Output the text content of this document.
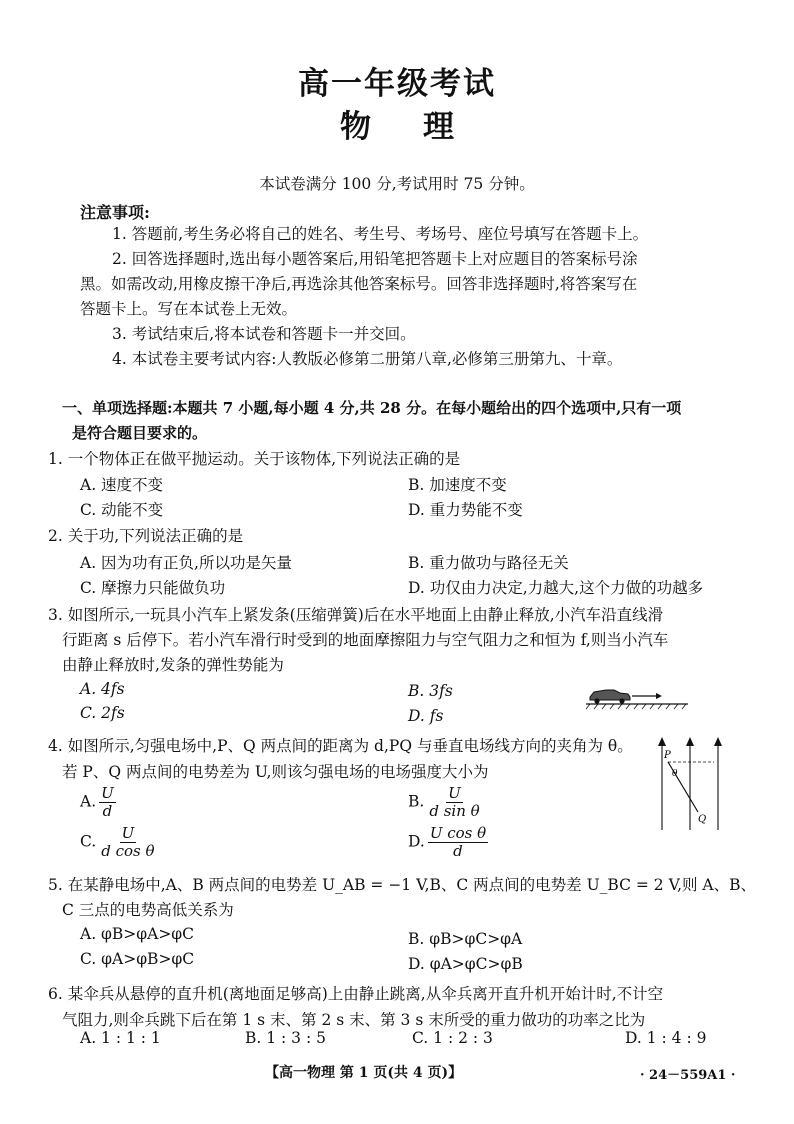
高一年级考试
物 理
本试卷满分 100 分,考试用时 75 分钟。
注意事项:
1. 答题前,考生务必将自己的姓名、考生号、考场号、座位号填写在答题卡上。
2. 回答选择题时,选出每小题答案后,用铅笔把答题卡上对应题目的答案标号涂
黑。如需改动,用橡皮擦干净后,再选涂其他答案标号。回答非选择题时,将答案写在
答题卡上。写在本试卷上无效。
3. 考试结束后,将本试卷和答题卡一并交回。
4. 本试卷主要考试内容:人教版必修第二册第八章,必修第三册第九、十章。
一、单项选择题:本题共 7 小题,每小题 4 分,共 28 分。在每小题给出的四个选项中,只有一项
是符合题目要求的。
1. 一个物体正在做平抛运动。关于该物体,下列说法正确的是
A. 速度不变	B. 加速度不变
C. 动能不变	D. 重力势能不变
2. 关于功,下列说法正确的是
A. 因为功有正负,所以功是矢量	B. 重力做功与路径无关
C. 摩擦力只能做负功	D. 功仅由力决定,力越大,这个力做的功越多
3. 如图所示,一玩具小汽车上紧发条(压缩弹簧)后在水平地面上由静止释放,小汽车沿直线滑
行距离 s 后停下。若小汽车滑行时受到的地面摩擦阻力与空气阻力之和恒为 f,则当小汽车
由静止释放时,发条的弹性势能为
A. 4fs	B. 3fs
C. 2fs	D. fs
4. 如图所示,匀强电场中,P、Q 两点间的距离为 d,PQ 与垂直电场线方向的夹角为 θ。
若 P、Q 两点间的电势差为 U,则该匀强电场的电场强度大小为
A. $\frac{U}{d}$	B. $\frac{U}{\text{d sin θ}}$
C. $\frac{U}{\text{d cos θ}}$	D. $\frac{\text{U cos θ}}{d}$
P
θ
Q
5. 在某静电场中,A、B 两点间的电势差 U_AB = −1 V,B、C 两点间的电势差 U_BC = 2 V,则 A、B、
C 三点的电势高低关系为
A. φB>φA>φC	B. φB>φC>φA
C. φA>φB>φC	D. φA>φC>φB
6. 某伞兵从悬停的直升机(离地面足够高)上由静止跳离,从伞兵离开直升机开始计时,不计空
气阻力,则伞兵跳下后在第 1 s 末、第 2 s 末、第 3 s 末所受的重力做功的功率之比为
A. 1 : 1 : 1	B. 1 : 3 : 5	C. 1 : 2 : 3	D. 1 : 4 : 9
【高一物理 第 1 页(共 4 页)】	· 24－559A1 ·
